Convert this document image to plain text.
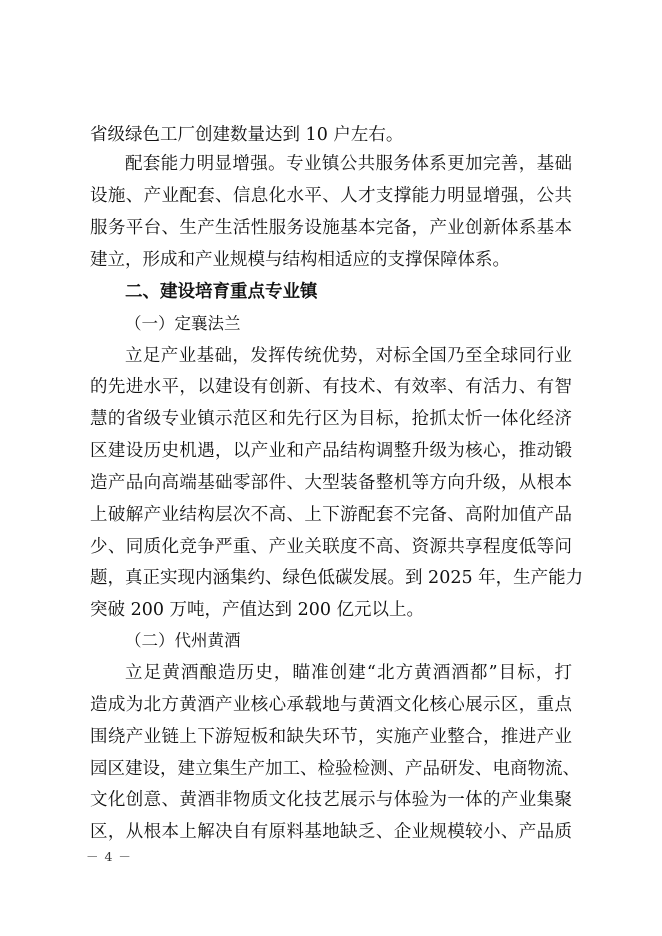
省级绿色工厂创建数量达到 10 户左右。
配套能力明显增强。专业镇公共服务体系更加完善，基础
设施、产业配套、信息化水平、人才支撑能力明显增强，公共
服务平台、生产生活性服务设施基本完备，产业创新体系基本
建立，形成和产业规模与结构相适应的支撑保障体系。
二、建设培育重点专业镇
（一）定襄法兰
立足产业基础，发挥传统优势，对标全国乃至全球同行业
的先进水平，以建设有创新、有技术、有效率、有活力、有智
慧的省级专业镇示范区和先行区为目标，抢抓太忻一体化经济
区建设历史机遇，以产业和产品结构调整升级为核心，推动锻
造产品向高端基础零部件、大型装备整机等方向升级，从根本
上破解产业结构层次不高、上下游配套不完备、高附加值产品
少、同质化竞争严重、产业关联度不高、资源共享程度低等问
题，真正实现内涵集约、绿色低碳发展。到 2025 年，生产能力
突破 200 万吨，产值达到 200 亿元以上。
（二）代州黄酒
立足黄酒酿造历史，瞄准创建“北方黄酒酒都”目标，打
造成为北方黄酒产业核心承载地与黄酒文化核心展示区，重点
围绕产业链上下游短板和缺失环节，实施产业整合，推进产业
园区建设，建立集生产加工、检验检测、产品研发、电商物流、
文化创意、黄酒非物质文化技艺展示与体验为一体的产业集聚
区，从根本上解决自有原料基地缺乏、企业规模较小、产品质
－ 4 －
